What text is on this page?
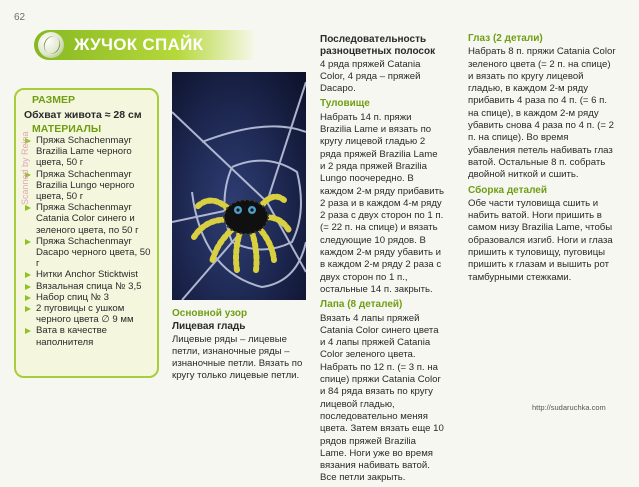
62
ЖУЧОК СПАЙК
РАЗМЕР
Обхват живота ≈ 28 см
МАТЕРИАЛЫ
Пряжа Schachenmayr Brazilia Lame черного цвета, 50 г
Пряжа Schachenmayr Brazilia Lungo черного цвета, 50 г
Пряжа Schachenmayr Catania Color синего и зеленого цвета, по 50 г
Пряжа Schachenmayr Dacapo черного цвета, 50 г
Нитки Anchor Sticktwist
Вязальная спица № 3,5
Набор спиц № 3
2 пуговицы с ушком черного цвета ∅ 9 мм
Вата в качестве наполнителя
Scanned by Reina
Основной узор
Лицевая гладь

Лицевые ряды – лицевые петли, изнаночные ряды – изнаночные петли. Вязать по кругу только лицевые петли.

Последовательность разноцветных полосок

4 ряда пряжей Catania Color, 4 ряда – пряжей Dacapo.

Туловище

Набрать 14 п. пряжи Brazilia Lame и вязать по кругу лицевой гладью 2 ряда пряжей Brazilia Lame и 2 ряда пряжей Brazilia Lungo поочередно. В каждом 2-м ряду прибавить 2 раза и в каждом 4-м ряду 2 раза с двух сторон по 1 п. (= 22 п. на спице) и вязать следующие 10 рядов. В каждом 2-м ряду убавить и в каждом 2-м ряду 2 раза с двух сторон по 1 п., остальные 14 п. закрыть.

Лапа (8 деталей)

Вязать 4 лапы пряжей Catania Color синего цвета и 4 лапы пряжей Catania Color зеленого цвета. Набрать по 12 п. (= 3 п. на спице) пряжи Catania Color и 84 ряда вязать по кругу лицевой гладью, последовательно меняя цвета. Затем вязать еще 10 рядов пряжей Brazilia Lame. Ноги уже во время вязания набивать ватой. Все петли закрыть.

Глаз (2 детали)

Набрать 8 п. пряжи Catania Color зеленого цвета (= 2 п. на спице) и вязать по кругу лицевой гладью, в каждом 2-м ряду прибавить 4 раза по 4 п. (= 6 п. на спице), в каждом 2-м ряду убавить снова 4 раза по 4 п. (= 2 п. на спице). Во время убавления петель набивать глаз ватой. Остальные 8 п. собрать двойной ниткой и сшить.

Сборка деталей

Обе части туловища сшить и набить ватой. Ноги пришить в самом низу Brazilia Lame, чтобы образовался изгиб. Ноги и глаза пришить к туловищу, пуговицы пришить к глазам и вышить рот тамбурными стежками.

http://sudaruchka.com
